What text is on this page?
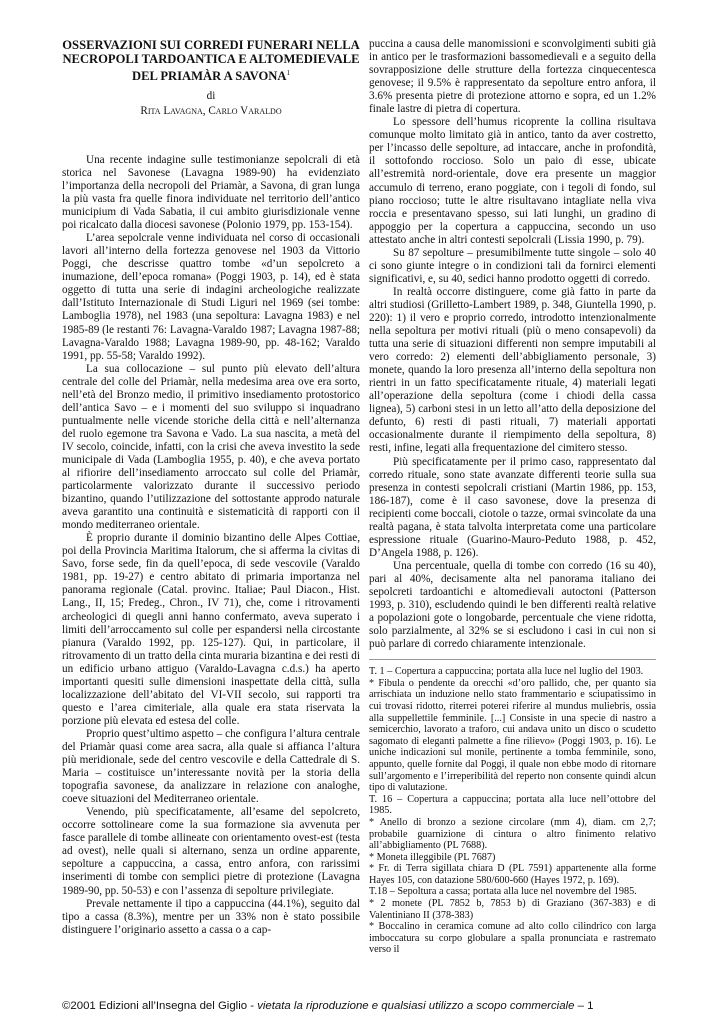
OSSERVAZIONI SUI CORREDI FUNERARI NELLA NECROPOLI TARDOANTICA E ALTOMEDIEVALE DEL PRIAMÀR A SAVONA$^1$
di
Rita Lavagna, Carlo Varaldo

Una recente indagine sulle testimonianze sepolcrali di età storica nel Savonese (Lavagna 1989-90) ha evidenziato l’importanza della necropoli del Priamàr, a Savona, di gran lunga la più vasta fra quelle finora individuate nel territorio dell’antico municipium di Vada Sabatia, il cui ambito giurisdizionale venne poi ricalcato dalla diocesi savonese (Polonio 1979, pp. 153-154).

L’area sepolcrale venne individuata nel corso di occasionali lavori all’interno della fortezza genovese nel 1903 da Vittorio Poggi, che descrisse quattro tombe «d’un sepolcreto a inumazione, dell’epoca romana» (Poggi 1903, p. 14), ed è stata oggetto di tutta una serie di indagini archeologiche realizzate dall’Istituto Internazionale di Studi Liguri nel 1969 (sei tombe: Lamboglia 1978), nel 1983 (una sepoltura: Lavagna 1983) e nel 1985-89 (le restanti 76: Lavagna-Varaldo 1987; Lavagna 1987-88; Lavagna-Varaldo 1988; Lavagna 1989-90, pp. 48-162; Varaldo 1991, pp. 55-58; Varaldo 1992).

La sua collocazione – sul punto più elevato dell’altura centrale del colle del Priamàr, nella medesima area ove era sorto, nell’età del Bronzo medio, il primitivo insediamento protostorico dell’antica Savo – e i momenti del suo sviluppo si inquadrano puntualmente nelle vicende storiche della città e nell’alternanza del ruolo egemone tra Savona e Vado. La sua nascita, a metà del IV secolo, coincide, infatti, con la crisi che aveva investito la sede municipale di Vada (Lamboglia 1955, p. 40), e che aveva portato al rifiorire dell’insediamento arroccato sul colle del Priamàr, particolarmente valorizzato durante il successivo periodo bizantino, quando l’utilizzazione del sottostante approdo naturale aveva garantito una continuità e sistematicità di rapporti con il mondo mediterraneo orientale.

È proprio durante il dominio bizantino delle Alpes Cottiae, poi della Provincia Maritima Italorum, che si afferma la civitas di Savo, forse sede, fin da quell’epoca, di sede vescovile (Varaldo 1981, pp. 19-27) e centro abitato di primaria importanza nel panorama regionale (Catal. provinc. Italiae; Paul Diacon., Hist. Lang., II, 15; Fredeg., Chron., IV 71), che, come i ritrovamenti archeologici di quegli anni hanno confermato, aveva superato i limiti dell’arroccamento sul colle per espandersi nella circostante pianura (Varaldo 1992, pp. 125-127). Qui, in particolare, il ritrovamento di un tratto della cinta muraria bizantina e dei resti di un edificio urbano attiguo (Varaldo-Lavagna c.d.s.) ha aperto importanti quesiti sulle dimensioni inaspettate della città, sulla localizzazione dell’abitato del VI-VII secolo, sui rapporti tra questo e l’area cimiteriale, alla quale era stata riservata la porzione più elevata ed estesa del colle.

Proprio quest’ultimo aspetto – che configura l’altura centrale del Priamàr quasi come area sacra, alla quale si affianca l’altura più meridionale, sede del centro vescovile e della Cattedrale di S. Maria – costituisce un’interessante novità per la storia della topografia savonese, da analizzare in relazione con analoghe, coeve situazioni del Mediterraneo orientale.

Venendo, più specificatamente, all’esame del sepolcreto, occorre sottolineare come la sua formazione sia avvenuta per fasce parallele di tombe allineate con orientamento ovest-est (testa ad ovest), nelle quali si alternano, senza un ordine apparente, sepolture a cappuccina, a cassa, entro anfora, con rarissimi inserimenti di tombe con semplici pietre di protezione (Lavagna 1989-90, pp. 50-53) e con l’assenza di sepolture privilegiate.

Prevale nettamente il tipo a cappuccina (44.1%), seguito dal tipo a cassa (8.3%), mentre per un 33% non è stato possibile distinguere l’originario assetto a cassa o a cap-

puccina a causa delle manomissioni e sconvolgimenti subiti già in antico per le trasformazioni bassomedievali e a seguito della sovrapposizione delle strutture della fortezza cinquecentesca genovese; il 9.5% è rappresentato da sepolture entro anfora, il 3.6% presenta pietre di protezione attorno e sopra, ed un 1.2% finale lastre di pietra di copertura.

Lo spessore dell’humus ricoprente la collina risultava comunque molto limitato già in antico, tanto da aver costretto, per l’incasso delle sepolture, ad intaccare, anche in profondità, il sottofondo roccioso. Solo un paio di esse, ubicate all’estremità nord-orientale, dove era presente un maggior accumulo di terreno, erano poggiate, con i tegoli di fondo, sul piano roccioso; tutte le altre risultavano intagliate nella viva roccia e presentavano spesso, sui lati lunghi, un gradino di appoggio per la copertura a cappuccina, secondo un uso attestato anche in altri contesti sepolcrali (Lissia 1990, p. 79).

Su 87 sepolture – presumibilmente tutte singole – solo 40 ci sono giunte integre o in condizioni tali da fornirci elementi significativi, e, su 40, sedici hanno prodotto oggetti di corredo.

In realtà occorre distinguere, come già fatto in parte da altri studiosi (Grilletto-Lambert 1989, p. 348, Giuntella 1990, p. 220): 1) il vero e proprio corredo, introdotto intenzionalmente nella sepoltura per motivi rituali (più o meno consapevoli) da tutta una serie di situazioni differenti non sempre imputabili al vero corredo: 2) elementi dell’abbigliamento personale, 3) monete, quando la loro presenza all’interno della sepoltura non rientri in un fatto specificatamente rituale, 4) materiali legati all’operazione della sepoltura (come i chiodi della cassa lignea), 5) carboni stesi in un letto all’atto della deposizione del defunto, 6) resti di pasti rituali, 7) materiali apportati occasionalmente durante il riempimento della sepoltura, 8) resti, infine, legati alla frequentazione del cimitero stesso.

Più specificatamente per il primo caso, rappresentato dal corredo rituale, sono state avanzate differenti teorie sulla sua presenza in contesti sepolcrali cristiani (Martin 1986, pp. 153, 186-187), come è il caso savonese, dove la presenza di recipienti come boccali, ciotole o tazze, ormai svincolate da una realtà pagana, è stata talvolta interpretata come una particolare espressione rituale (Guarino-Mauro-Peduto 1988, p. 452, D’Angela 1988, p. 126).

Una percentuale, quella di tombe con corredo (16 su 40), pari al 40%, decisamente alta nel panorama italiano dei sepolcreti tardoantichi e altomedievali autoctoni (Patterson 1993, p. 310), escludendo quindi le ben differenti realtà relative a popolazioni gote o longobarde, percentuale che viene ridotta, solo parzialmente, al 32% se si escludono i casi in cui non si può parlare di corredo chiaramente intenzionale.

T. 1 – Copertura a cappuccina; portata alla luce nel luglio del 1903.
* Fibula o pendente da orecchi «d’oro pallido, che, per quanto sia arrischiata un induzione nello stato frammentario e sciupatissimo in cui trovasi ridotto, riterrei poterei riferire al mundus muliebris, ossia alla suppellettile femminile. [...] Consiste in una specie di nastro a semicerchio, lavorato a traforo, cui andava unito un disco o scudetto sagomato di eleganti palmette a fine rilievo» (Poggi 1903, p. 16). Le uniche indicazioni sul monile, pertinente a tomba femminile, sono, appunto, quelle fornite dal Poggi, il quale non ebbe modo di ritornare sull’argomento e l’irreperibilità del reperto non consente quindi alcun tipo di valutazione.
T. 16 – Copertura a cappuccina; portata alla luce nell’ottobre del 1985.
* Anello di bronzo a sezione circolare (mm 4), diam. cm 2,7; probabile guarnizione di cintura o altro finimento relativo all’abbigliamento (PL 7688).
* Moneta illeggibile (PL 7687)
* Fr. di Terra sigillata chiara D (PL 7591) appartenente alla forme Hayes 105, con datazione 580/600-660 (Hayes 1972, p. 169).
T.18 – Sepoltura a cassa; portata alla luce nel novembre del 1985.
* 2 monete (PL 7852 b, 7853 b) di Graziano (367-383) e di Valentiniano II (378-383)
* Boccalino in ceramica comune ad alto collo cilindrico con larga imboccatura su corpo globulare a spalla pronunciata e rastremato verso il
©2001 Edizioni all’Insegna del Giglio - vietata la riproduzione e qualsiasi utilizzo a scopo commerciale – 1
